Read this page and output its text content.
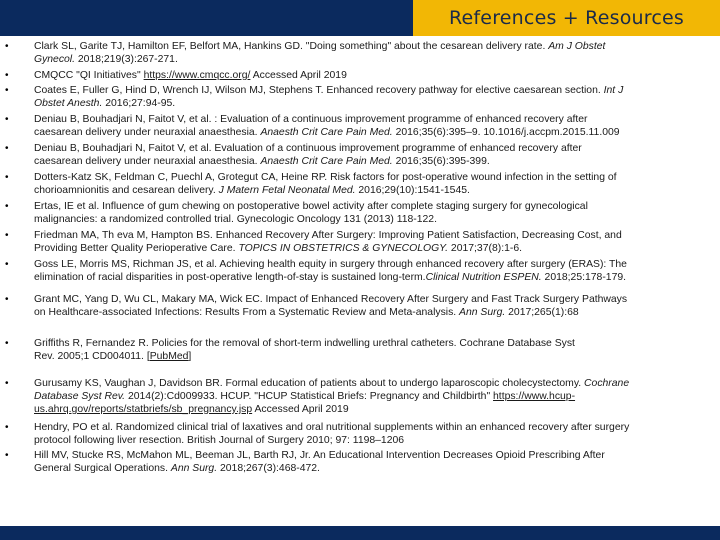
References + Resources
• Clark SL, Garite TJ, Hamilton EF, Belfort MA, Hankins GD. "Doing something" about the cesarean delivery rate. Am J Obstet
Gynecol. 2018;219(3):267-271.
• CMQCC "QI Initiatives" https://www.cmqcc.org/ Accessed April 2019
• Coates E, Fuller G, Hind D, Wrench IJ, Wilson MJ, Stephens T. Enhanced recovery pathway for elective caesarean section. Int J
Obstet Anesth. 2016;27:94-95.
• Deniau B, Bouhadjari N, Faitot V, et al. : Evaluation of a continuous improvement programme of enhanced recovery after
caesarean delivery under neuraxial anaesthesia. Anaesth Crit Care Pain Med. 2016;35(6):395–9. 10.1016/j.accpm.2015.11.009
• Deniau B, Bouhadjari N, Faitot V, et al. Evaluation of a continuous improvement programme of enhanced recovery after
caesarean delivery under neuraxial anaesthesia. Anaesth Crit Care Pain Med. 2016;35(6):395-399.
• Dotters-Katz SK, Feldman C, Puechl A, Grotegut CA, Heine RP. Risk factors for post-operative wound infection in the setting of
chorioamnionitis and cesarean delivery. J Matern Fetal Neonatal Med. 2016;29(10):1541-1545.
• Ertas, IE et al. Influence of gum chewing on postoperative bowel activity after complete staging surgery for gynecological
malignancies: a randomized controlled trial. Gynecologic Oncology 131 (2013) 118-122.
• Friedman MA, Th eva M, Hampton BS. Enhanced Recovery After Surgery: Improving Patient Satisfaction, Decreasing Cost, and
Providing Better Quality Perioperative Care. TOPICS IN OBSTETRICS & GYNECOLOGY. 2017;37(8):1-6.
• Goss LE, Morris MS, Richman JS, et al. Achieving health equity in surgery through enhanced recovery after surgery (ERAS): The
elimination of racial disparities in post-operative length-of-stay is sustained long-term.Clinical Nutrition ESPEN. 2018;25:178-179.
• Grant MC, Yang D, Wu CL, Makary MA, Wick EC. Impact of Enhanced Recovery After Surgery and Fast Track Surgery Pathways
on Healthcare-associated Infections: Results From a Systematic Review and Meta-analysis. Ann Surg. 2017;265(1):68
• Griffiths R, Fernandez R. Policies for the removal of short-term indwelling urethral catheters. Cochrane Database Syst
Rev. 2005;1 CD004011. [PubMed]
• Gurusamy KS, Vaughan J, Davidson BR. Formal education of patients about to undergo laparoscopic cholecystectomy. Cochrane
Database Syst Rev. 2014(2):Cd009933. HCUP. "HCUP Statistical Briefs: Pregnancy and Childbirth" https://www.hcup-
us.ahrq.gov/reports/statbriefs/sb_pregnancy.jsp Accessed April 2019
• Hendry, PO et al. Randomized clinical trial of laxatives and oral nutritional supplements within an enhanced recovery after surgery
protocol following liver resection. British Journal of Surgery 2010; 97: 1198–1206
• Hill MV, Stucke RS, McMahon ML, Beeman JL, Barth RJ, Jr. An Educational Intervention Decreases Opioid Prescribing After
General Surgical Operations. Ann Surg. 2018;267(3):468-472.
